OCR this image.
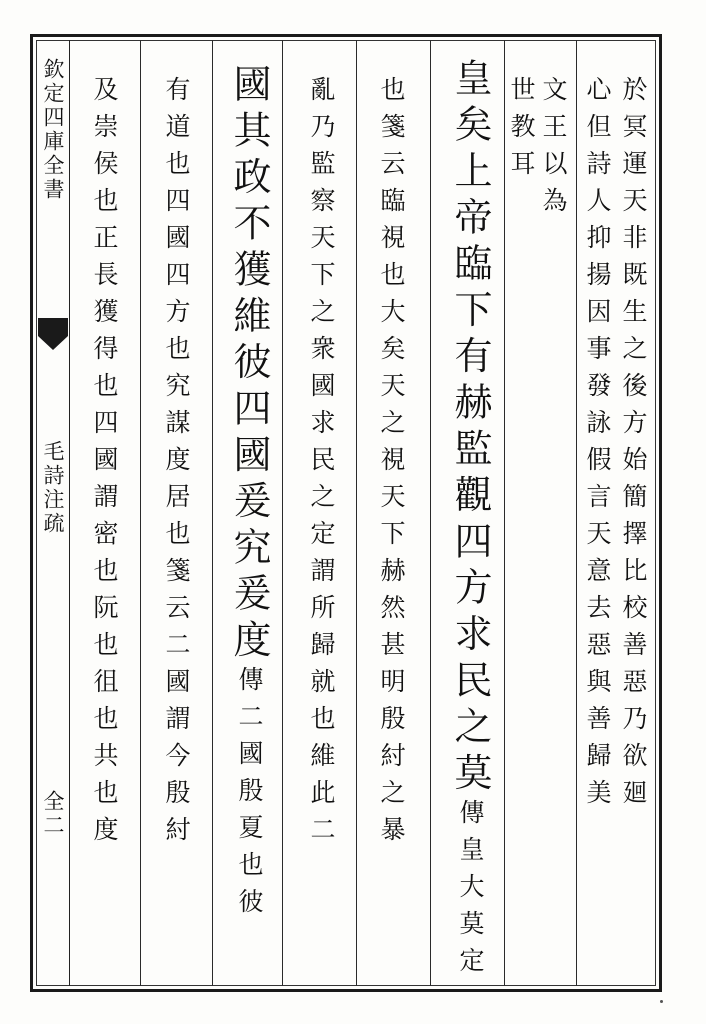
欽定四庫全書
毛詩注疏
全二	於冥運天非既生之後方始簡擇比校善惡乃欲廻
心但詩人抑揚因事發詠假言天意去惡與善歸美
文王以為
世教耳
皇矣上帝臨下有赫監觀四方求民之莫傳皇大莫定
也箋云臨視也大矣天之視天下赫然甚明殷紂之暴
亂乃監察天下之衆國求民之定謂所歸就也維此二
國其政不獲維彼四國爰究爰度傳二國殷夏也彼
有道也四國四方也究謀度居也箋云二國謂今殷紂
及崇侯也正長獲得也四國謂密也阮也徂也共也度
